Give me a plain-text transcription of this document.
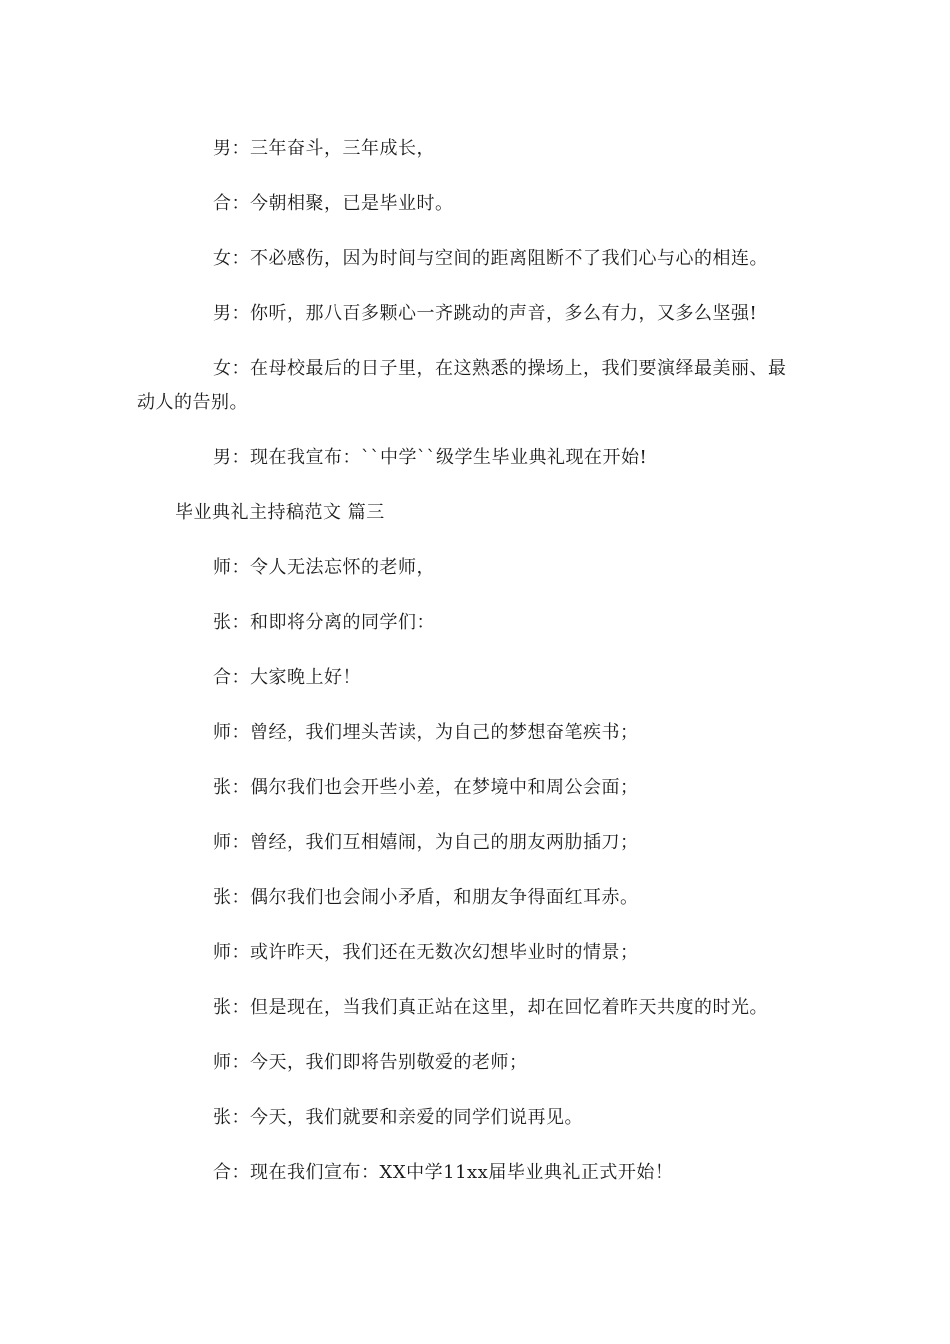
男：三年奋斗，三年成长，
合：今朝相聚，已是毕业时。
女：不必感伤，因为时间与空间的距离阻断不了我们心与心的相连。
男：你听，那八百多颗心一齐跳动的声音，多么有力，又多么坚强!
女：在母校最后的日子里，在这熟悉的操场上，我们要演绎最美丽、最
动人的告别。
男：现在我宣布：``中学``级学生毕业典礼现在开始!
毕业典礼主持稿范文 篇三
师：令人无法忘怀的老师，
张：和即将分离的同学们：
合：大家晚上好！
师：曾经，我们埋头苦读，为自己的梦想奋笔疾书；
张：偶尔我们也会开些小差，在梦境中和周公会面；
师：曾经，我们互相嬉闹，为自己的朋友两肋插刀；
张：偶尔我们也会闹小矛盾，和朋友争得面红耳赤。
师：或许昨天，我们还在无数次幻想毕业时的情景；
张：但是现在，当我们真正站在这里，却在回忆着昨天共度的时光。
师：今天，我们即将告别敬爱的老师；
张：今天，我们就要和亲爱的同学们说再见。
合：现在我们宣布：XX中学11xx届毕业典礼正式开始！
